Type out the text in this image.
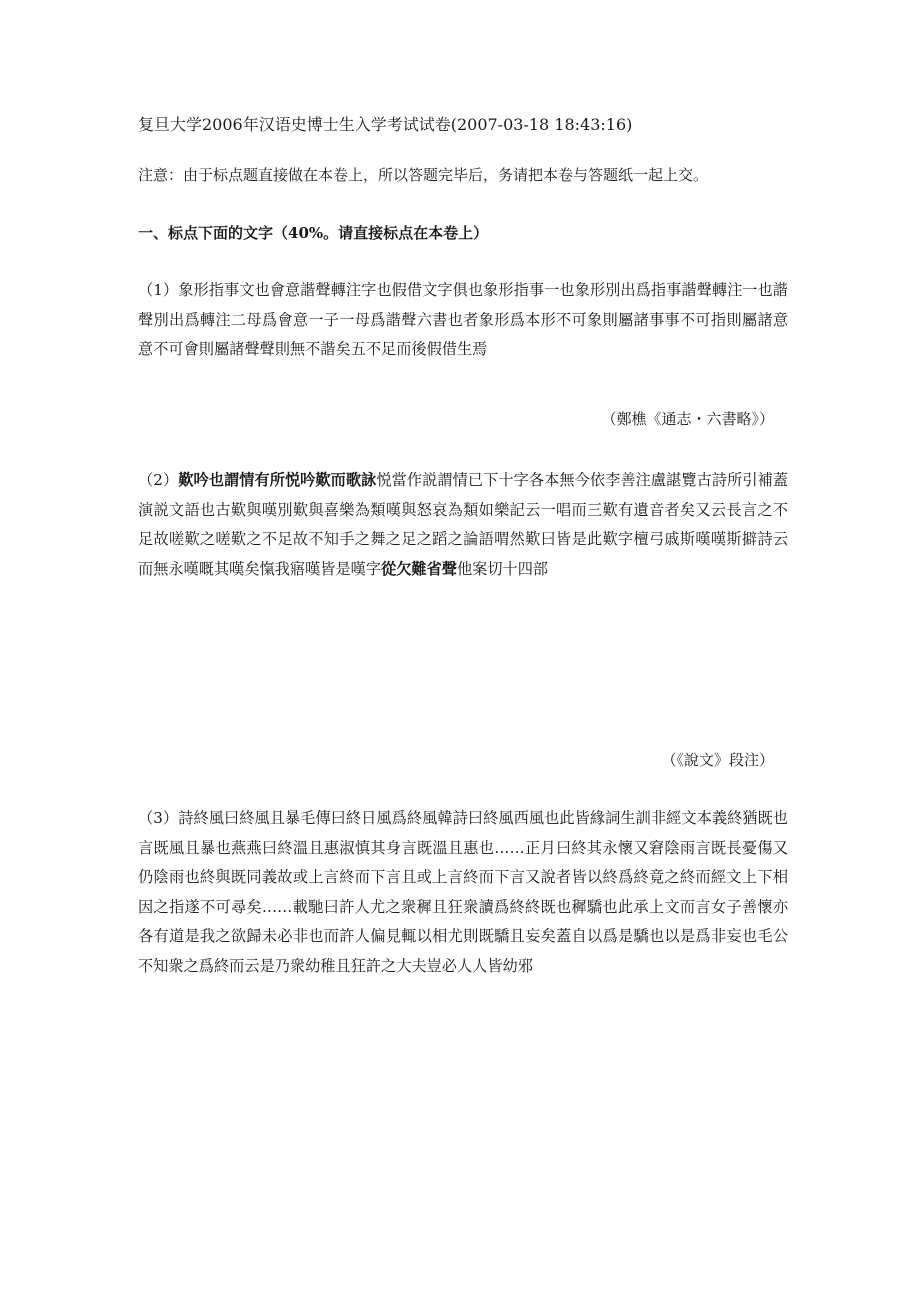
复旦大学2006年汉语史博士生入学考试试卷(2007-03-18 18:43:16)
注意：由于标点题直接做在本卷上，所以答题完毕后，务请把本卷与答题纸一起上交。
一、标点下面的文字（40%。请直接标点在本卷上）
（1）象形指事文也會意諧聲轉注字也假借文字俱也象形指事一也象形別出爲指事諧聲轉注一也諧聲別出爲轉注二母爲會意一子一母爲諧聲六書也者象形爲本形不可象則屬諸事事不可指則屬諸意意不可會則屬諸聲聲則無不諧矣五不足而後假借生焉
（鄭樵《通志・六書略》）
（2）歎吟也謂情有所悦吟歎而歌詠悦當作説謂情已下十字各本無今依李善注盧諶覽古詩所引補蓋演説文語也古歎與嘆別歎與喜樂為類嘆與怒哀為類如樂記云一唱而三歎有遺音者矣又云長言之不足故嗟歎之嗟歎之不足故不知手之舞之足之蹈之論語喟然歎曰皆是此歎字檀弓戚斯嘆嘆斯擗詩云而無永嘆嘅其嘆矣愾我寤嘆皆是嘆字從欠難省聲他案切十四部
（《說文》段注）
（3）詩終風曰終風且暴毛傳曰終日風爲終風韓詩曰終風西風也此皆緣詞生訓非經文本義終猶既也言既風且暴也燕燕曰終溫且惠淑慎其身言既溫且惠也……正月曰終其永懷又窘陰雨言既長憂傷又仍陰雨也終與既同義故或上言終而下言且或上言終而下言又說者皆以終爲終竟之終而經文上下相因之指遂不可尋矣……載馳曰許人尤之衆穉且狂衆讀爲終終既也穉驕也此承上文而言女子善懷亦各有道是我之欲歸未必非也而許人偏見輒以相尤則既驕且妄矣蓋自以爲是驕也以是爲非妄也毛公不知衆之爲終而云是乃衆幼稚且狂許之大夫豈必人人皆幼邪
